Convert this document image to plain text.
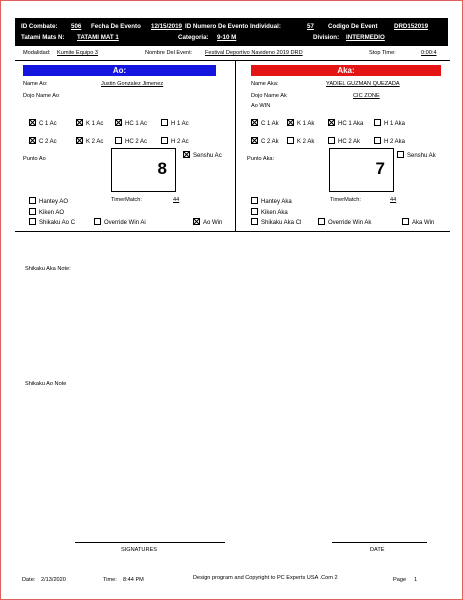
ID Combate: 506 Fecha De Evento 12/15/2019 ID Numero De Evento Individual:	57 Codigo De Event	DRD152019
Tatami Mats N: TATAMI MAT 1	Categoria: 9-10 M	Division: INTERMEDIO
Modalidad: Kumite Equipo 3	Nombre Del Event: Festival Deportivo Navideno 2019 DRD	Stop Time:	0:00:4
Ao:
Name Ao:	Justin Gonzalez Jimenez
Dojo Name Ao
C 1 Ac	K 1 Ac	HC 1 Ac	H 1 Ac
C 2 Ac	K 2 Ac	HC 2 Ac	H 2 Ac
Punto Ao	8
Senshu Ac
Hantey AO	TimerMatch:	44
Kiken AO
Shikaku Ao C	Override Win Ai	Ao Win
Aka:
Name Aka:	YADIEL GUZMAN QUEZADA
Dojo Name Ak	CIC ZONE
Ao WIN
C 1 Ak	K 1 Ak	HC 1 Aka	H 1 Aka
C 2 Ak	K 2 Ak	HC 2 Ak	H 2 Aka
Punto Aka:	7
Senshu Ak
Hantey Aka	TimerMatch:	44
Kiken Aka
Shikaku Aka Cl	Override Win Ak	Aka Win
Shikaku Aka Note:
Shikaku Ao Note
SIGNATURES	DATE
Date: 2/13/2020	Time: 8:44 PM	Design program and Copyright to PC Experts USA .Com 2	Page 1
